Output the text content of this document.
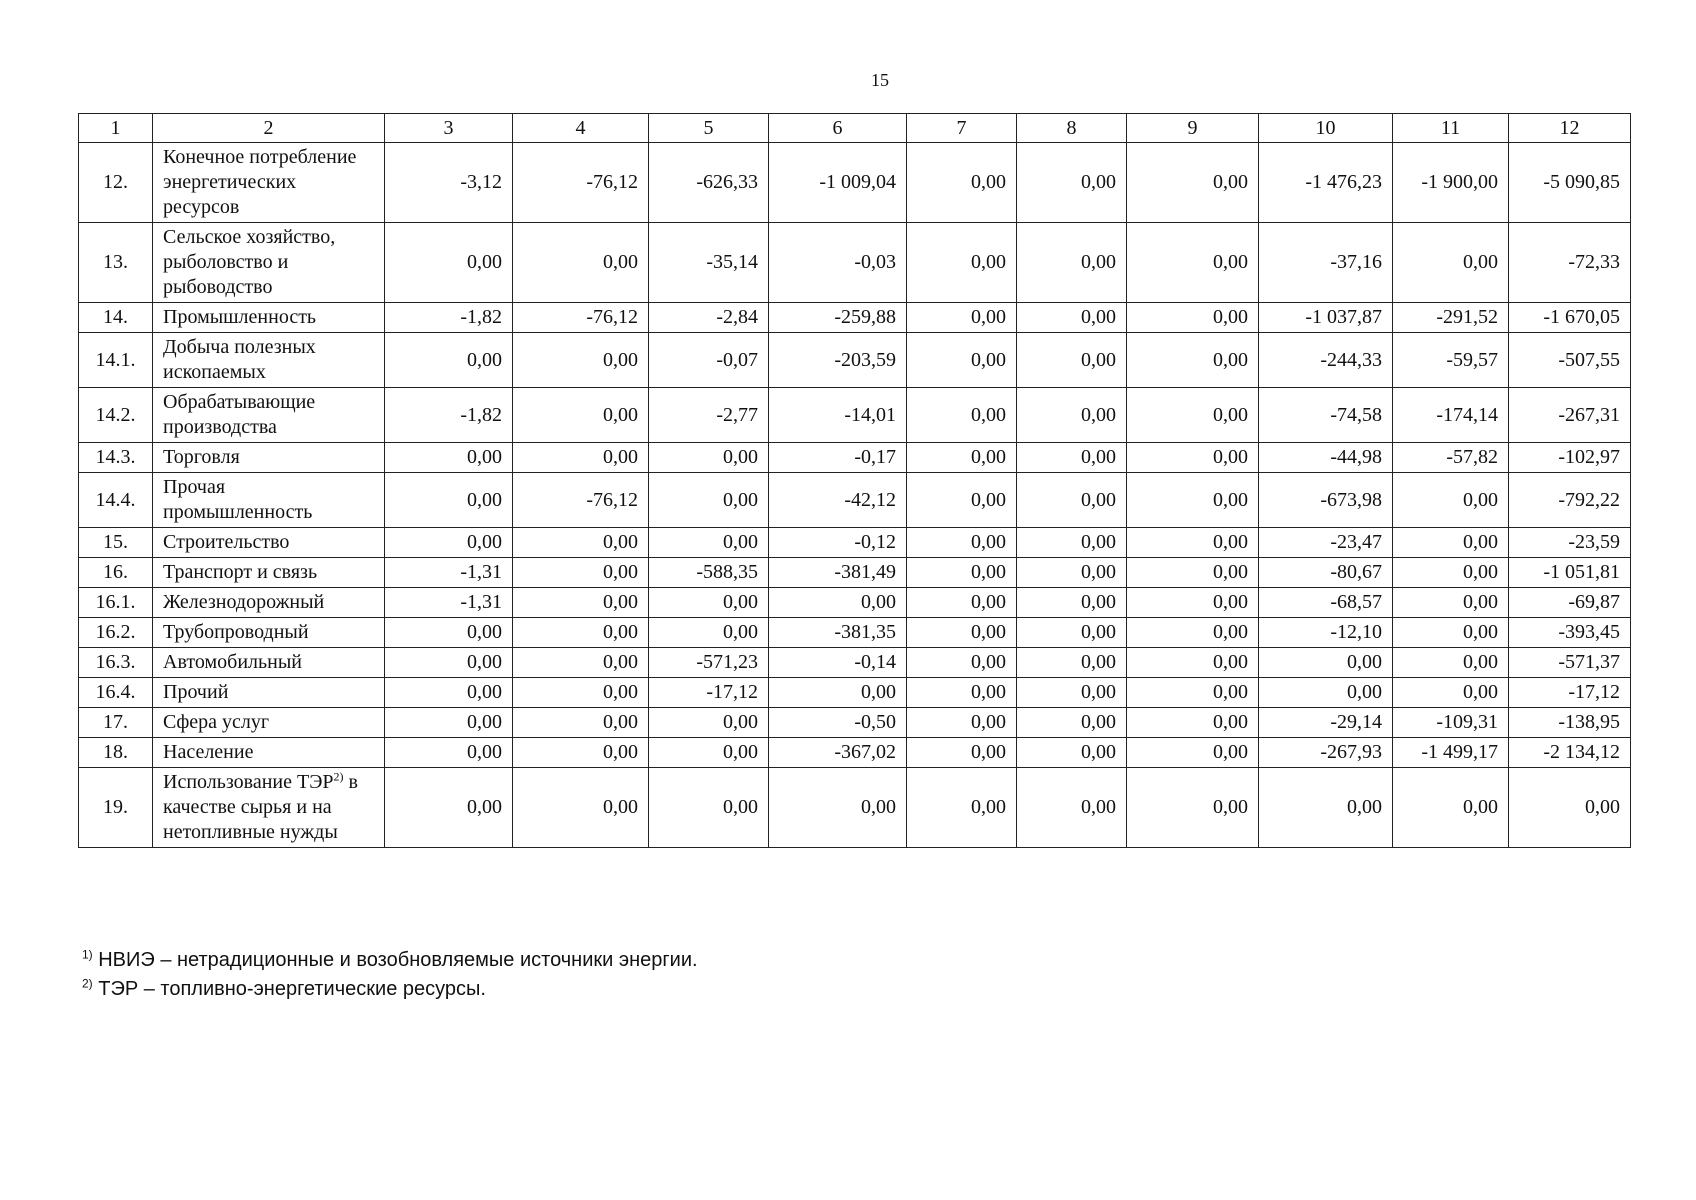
15
1	2	3	4	5	6	7	8	9	10	11	12
12.	Конечное потребление энергетических ресурсов	-3,12	-76,12	-626,33	-1 009,04	0,00	0,00	0,00	-1 476,23	-1 900,00	-5 090,85
13.	Сельское хозяйство, рыболовство и рыбоводство	0,00	0,00	-35,14	-0,03	0,00	0,00	0,00	-37,16	0,00	-72,33
14.	Промышленность	-1,82	-76,12	-2,84	-259,88	0,00	0,00	0,00	-1 037,87	-291,52	-1 670,05
14.1.	Добыча полезных ископаемых	0,00	0,00	-0,07	-203,59	0,00	0,00	0,00	-244,33	-59,57	-507,55
14.2.	Обрабатывающие производства	-1,82	0,00	-2,77	-14,01	0,00	0,00	0,00	-74,58	-174,14	-267,31
14.3.	Торговля	0,00	0,00	0,00	-0,17	0,00	0,00	0,00	-44,98	-57,82	-102,97
14.4.	Прочая промышленность	0,00	-76,12	0,00	-42,12	0,00	0,00	0,00	-673,98	0,00	-792,22
15.	Строительство	0,00	0,00	0,00	-0,12	0,00	0,00	0,00	-23,47	0,00	-23,59
16.	Транспорт и связь	-1,31	0,00	-588,35	-381,49	0,00	0,00	0,00	-80,67	0,00	-1 051,81
16.1.	Железнодорожный	-1,31	0,00	0,00	0,00	0,00	0,00	0,00	-68,57	0,00	-69,87
16.2.	Трубопроводный	0,00	0,00	0,00	-381,35	0,00	0,00	0,00	-12,10	0,00	-393,45
16.3.	Автомобильный	0,00	0,00	-571,23	-0,14	0,00	0,00	0,00	0,00	0,00	-571,37
16.4.	Прочий	0,00	0,00	-17,12	0,00	0,00	0,00	0,00	0,00	0,00	-17,12
17.	Сфера услуг	0,00	0,00	0,00	-0,50	0,00	0,00	0,00	-29,14	-109,31	-138,95
18.	Население	0,00	0,00	0,00	-367,02	0,00	0,00	0,00	-267,93	-1 499,17	-2 134,12
19.	Использование ТЭР$^{2)}$ в качестве сырья и на нетопливные нужды	0,00	0,00	0,00	0,00	0,00	0,00	0,00	0,00	0,00	0,00
$^{1)}$ НВИЭ – нетрадиционные и возобновляемые источники энергии.
$^{2)}$ ТЭР – топливно-энергетические ресурсы.
